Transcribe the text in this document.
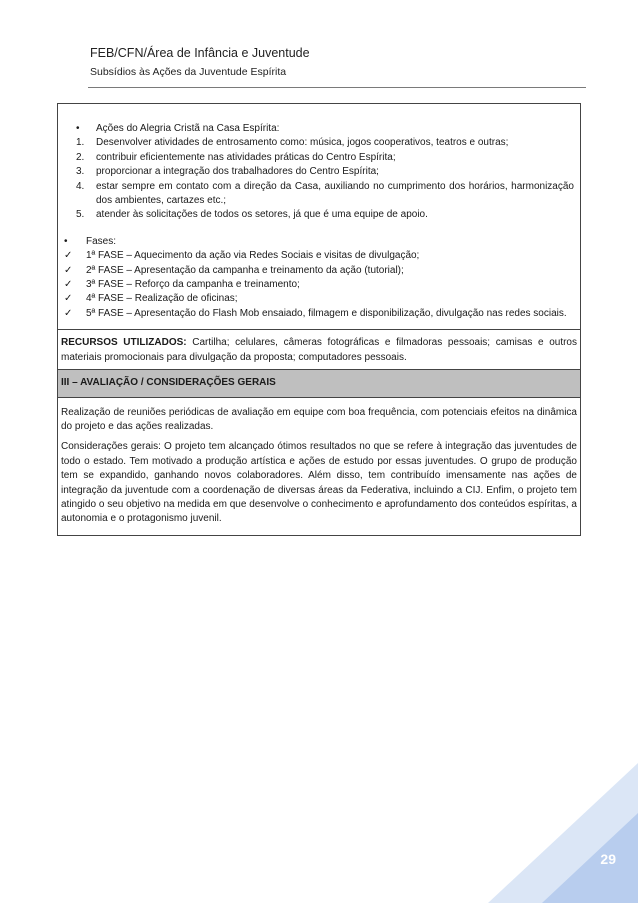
FEB/CFN/Área de Infância e Juventude
Subsídios às Ações da Juventude Espírita
•	Ações do Alegria Cristã na Casa Espírita:
1.	Desenvolver atividades de entrosamento como: música, jogos cooperativos, teatros e outras;
2.	contribuir eficientemente nas atividades práticas do Centro Espírita;
3.	proporcionar a integração dos trabalhadores do Centro Espírita;
4.	estar sempre em contato com a direção da Casa, auxiliando no cumprimento dos horários, harmonização dos ambientes, cartazes etc.;
5.	atender às solicitações de todos os setores, já que é uma equipe de apoio.
•	Fases:
✓	1ª FASE – Aquecimento da ação via Redes Sociais e visitas de divulgação;
✓	2ª FASE – Apresentação da campanha e treinamento da ação (tutorial);
✓	3ª FASE – Reforço da campanha e treinamento;
✓	4ª FASE – Realização de oficinas;
✓	5ª FASE – Apresentação do Flash Mob ensaiado, filmagem e disponibilização, divulgação nas redes sociais.
RECURSOS UTILIZADOS: Cartilha; celulares, câmeras fotográficas e filmadoras pessoais; camisas e outros materiais promocionais para divulgação da proposta; computadores pessoais.
III – AVALIAÇÃO / CONSIDERAÇÕES GERAIS

Realização de reuniões periódicas de avaliação em equipe com boa frequência, com potenciais efeitos na dinâmica do projeto e das ações realizadas.

Considerações gerais: O projeto tem alcançado ótimos resultados no que se refere à integração das juventudes de todo o estado. Tem motivado a produção artística e ações de estudo por essas juventudes. O grupo de produção tem se expandido, ganhando novos colaboradores. Além disso, tem contribuído imensamente nas ações de integração da juventude com a coordenação de diversas áreas da Federativa, incluindo a CIJ. Enfim, o projeto tem atingido o seu objetivo na medida em que desenvolve o conhecimento e aprofundamento dos conteúdos espíritas, a autonomia e o protagonismo juvenil.

29
